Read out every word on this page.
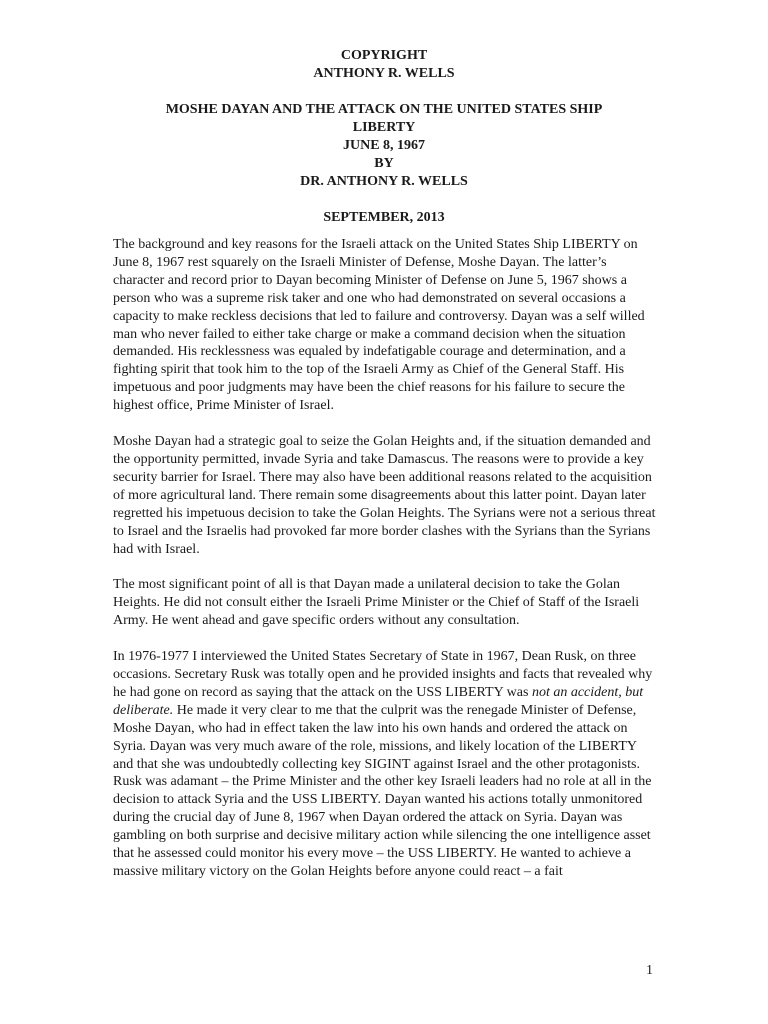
COPYRIGHT
ANTHONY R. WELLS
MOSHE DAYAN AND THE ATTACK ON THE UNITED STATES SHIP
LIBERTY
JUNE 8, 1967
BY
DR. ANTHONY R. WELLS
SEPTEMBER, 2013

The background and key reasons for the Israeli attack on the United States Ship LIBERTY on June 8, 1967 rest squarely on the Israeli Minister of Defense, Moshe Dayan. The latter’s character and record prior to Dayan becoming Minister of Defense on June 5, 1967 shows a person who was a supreme risk taker and one who had demonstrated on several occasions a capacity to make reckless decisions that led to failure and controversy. Dayan was a self willed man who never failed to either take charge or make a command decision when the situation demanded. His recklessness was equaled by indefatigable courage and determination, and a fighting spirit that took him to the top of the Israeli Army as Chief of the General Staff. His impetuous and poor judgments may have been the chief reasons for his failure to secure the highest office, Prime Minister of Israel.

Moshe Dayan had a strategic goal to seize the Golan Heights and, if the situation demanded and the opportunity permitted, invade Syria and take Damascus. The reasons were to provide a key security barrier for Israel. There may also have been additional reasons related to the acquisition of more agricultural land. There remain some disagreements about this latter point. Dayan later regretted his impetuous decision to take the Golan Heights. The Syrians were not a serious threat to Israel and the Israelis had provoked far more border clashes with the Syrians than the Syrians had with Israel.

The most significant point of all is that Dayan made a unilateral decision to take the Golan Heights. He did not consult either the Israeli Prime Minister or the Chief of Staff of the Israeli Army. He went ahead and gave specific orders without any consultation.

In 1976-1977 I interviewed the United States Secretary of State in 1967, Dean Rusk, on three occasions. Secretary Rusk was totally open and he provided insights and facts that revealed why he had gone on record as saying that the attack on the USS LIBERTY was not an accident, but deliberate. He made it very clear to me that the culprit was the renegade Minister of Defense, Moshe Dayan, who had in effect taken the law into his own hands and ordered the attack on Syria. Dayan was very much aware of the role, missions, and likely location of the LIBERTY and that she was undoubtedly collecting key SIGINT against Israel and the other protagonists. Rusk was adamant – the Prime Minister and the other key Israeli leaders had no role at all in the decision to attack Syria and the USS LIBERTY. Dayan wanted his actions totally unmonitored during the crucial day of June 8, 1967 when Dayan ordered the attack on Syria. Dayan was gambling on both surprise and decisive military action while silencing the one intelligence asset that he assessed could monitor his every move – the USS LIBERTY. He wanted to achieve a massive military victory on the Golan Heights before anyone could react – a fait

1
